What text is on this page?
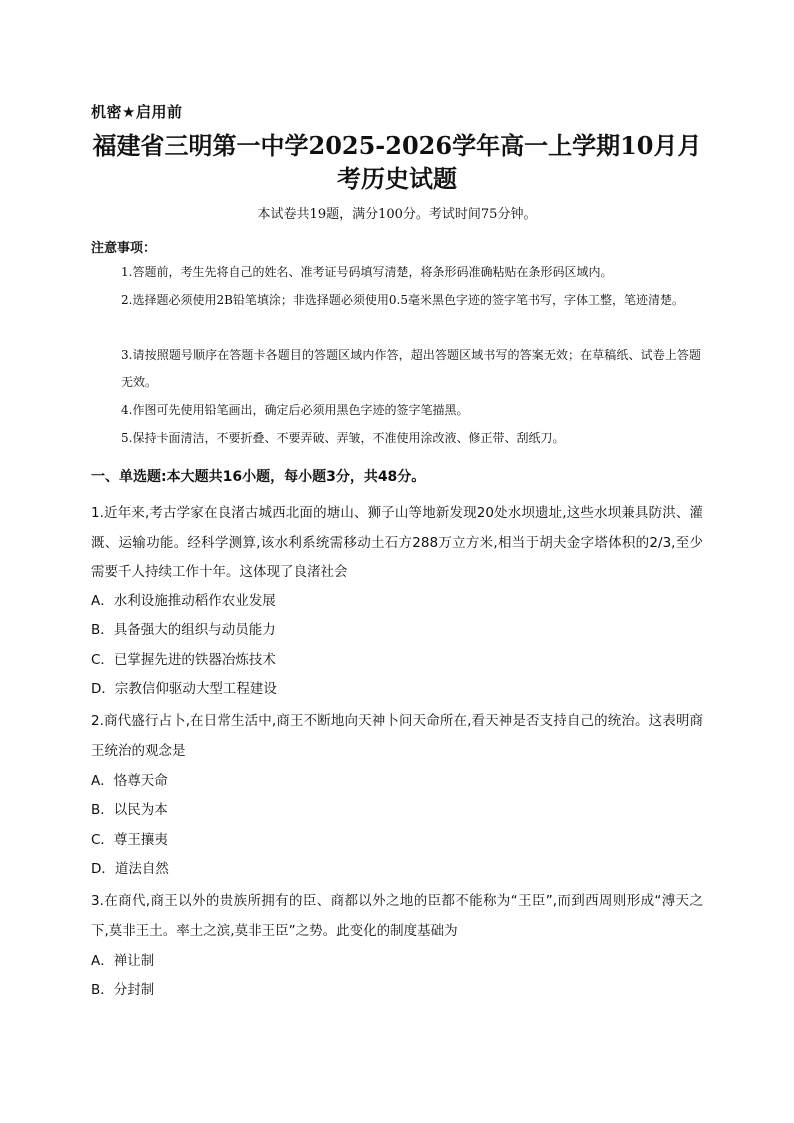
机密★启用前
福建省三明第一中学2025-2026学年高一上学期10月月
考历史试题
本试卷共19题，满分100分。考试时间75分钟。
注意事项：
1.答题前，考生先将自己的姓名、准考证号码填写清楚，将条形码准确粘贴在条形码区域内。
2.选择题必须使用2B铅笔填涂；非选择题必须使用0.5毫米黑色字迹的签字笔书写，字体工整，笔迹清楚。
3.请按照题号顺序在答题卡各题目的答题区域内作答，超出答题区域书写的答案无效；在草稿纸、试卷上答题无效。
4.作图可先使用铅笔画出，确定后必须用黑色字迹的签字笔描黑。
5.保持卡面清洁，不要折叠、不要弄破、弄皱，不准使用涂改液、修正带、刮纸刀。
一、单选题:本大题共16小题，每小题3分，共48分。
1.近年来,考古学家在良渚古城西北面的塘山、狮子山等地新发现20处水坝遗址,这些水坝兼具防洪、灌溉、运输功能。经科学测算,该水利系统需移动土石方288万立方米,相当于胡夫金字塔体积的2/3,至少需要千人持续工作十年。这体现了良渚社会
A．水利设施推动稻作农业发展
B．具备强大的组织与动员能力
C．已掌握先进的铁器冶炼技术
D．宗教信仰驱动大型工程建设
2.商代盛行占卜,在日常生活中,商王不断地向天神卜问天命所在,看天神是否支持自己的统治。这表明商王统治的观念是
A．恪尊天命
B．以民为本
C．尊王攘夷
D．道法自然
3.在商代,商王以外的贵族所拥有的臣、商都以外之地的臣都不能称为“王臣”,而到西周则形成“溥天之下,莫非王土。率土之滨,莫非王臣”之势。此变化的制度基础为
A．禅让制
B．分封制
